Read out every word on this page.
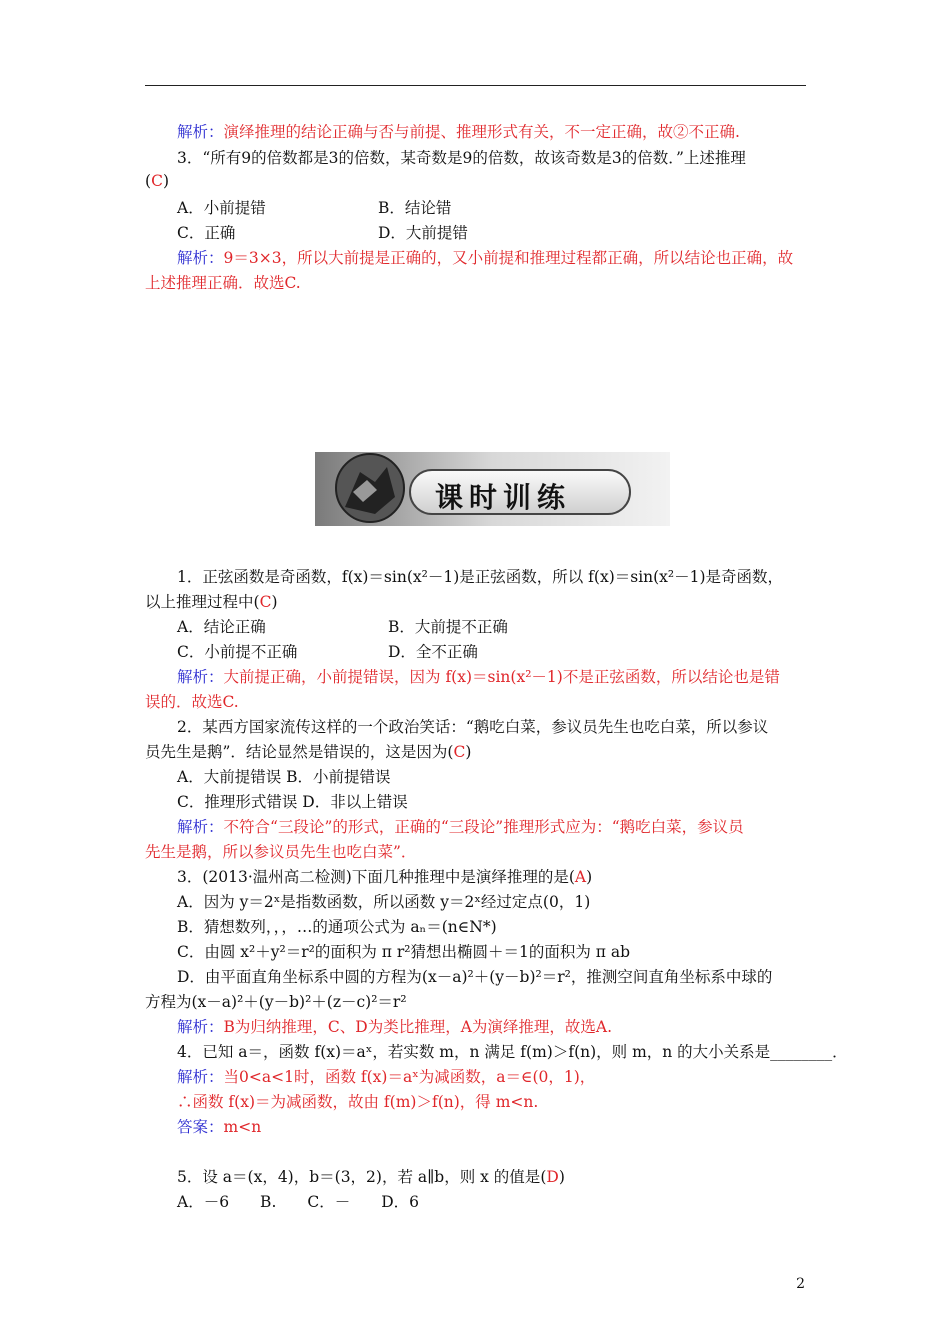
解析：演绎推理的结论正确与否与前提、推理形式有关，不一定正确，故②不正确.
3．“所有9的倍数都是3的倍数，某奇数是9的倍数，故该奇数是3的倍数．”上述推理
(C)
A．小前提错	B．结论错
C．正确	D．大前提错
解析：9＝3×3，所以大前提是正确的，又小前提和推理过程都正确，所以结论也正确，故
上述推理正确．故选C.
课时训练
1．正弦函数是奇函数，f(x)＝sin(x²－1)是正弦函数，所以 f(x)＝sin(x²－1)是奇函数，
以上推理过程中(C)
A．结论正确	B．大前提不正确
C．小前提不正确	D．全不正确
解析：大前提正确，小前提错误，因为 f(x)＝sin(x²－1)不是正弦函数，所以结论也是错
误的．故选C.
2．某西方国家流传这样的一个政治笑话：“鹅吃白菜，参议员先生也吃白菜，所以参议
员先生是鹅”．结论显然是错误的，这是因为(C)
A．大前提错误 B．小前提错误
C．推理形式错误 D．非以上错误
解析：不符合“三段论”的形式，正确的“三段论”推理形式应为：“鹅吃白菜，参议员
先生是鹅，所以参议员先生也吃白菜”．
3．(2013·温州高二检测)下面几种推理中是演绎推理的是(A)
A．因为 y＝2ˣ是指数函数，所以函数 y＝2ˣ经过定点(0，1)
B．猜想数列，，，…的通项公式为 aₙ＝(n∈N*)
C．由圆 x²＋y²＝r²的面积为 π r²猜想出椭圆＋＝1的面积为 π ab
D．由平面直角坐标系中圆的方程为(x－a)²＋(y－b)²＝r²，推测空间直角坐标系中球的
方程为(x－a)²＋(y－b)²＋(z－c)²＝r²
解析：B为归纳推理，C、D为类比推理，A为演绎推理，故选A.
4．已知 a＝，函数 f(x)＝aˣ，若实数 m，n 满足 f(m)＞f(n)，则 m，n 的大小关系是________．
解析：当0<a<1时，函数 f(x)＝aˣ为减函数，a＝∈(0，1)，
∴函数 f(x)＝为减函数，故由 f(m)＞f(n)，得 m<n.
答案：m<n
5．设 a＝(x，4)，b＝(3，2)，若 a∥b，则 x 的值是(D)
A．－6　　B.　　C．－　　D．6
2
